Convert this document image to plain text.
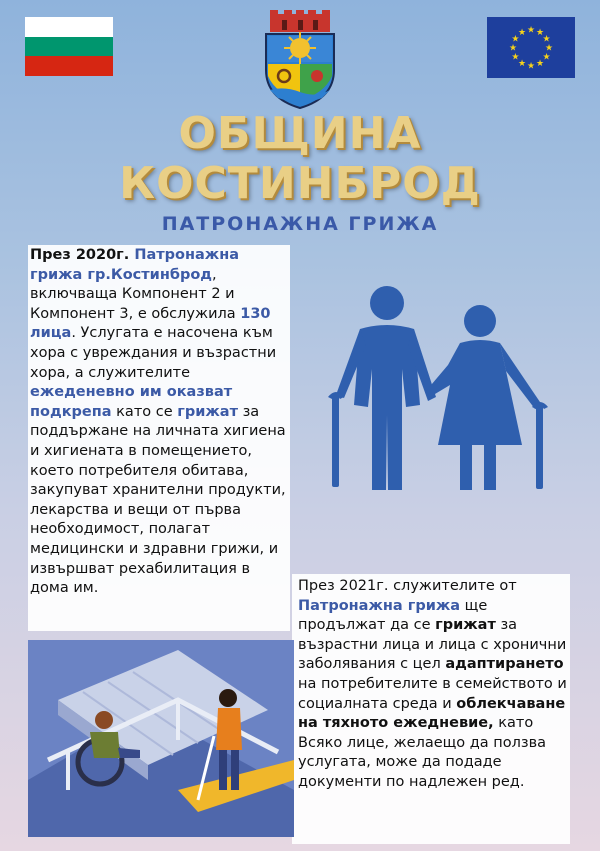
★ ★
★
★
★
★
★
★
★
★
★
★
ОБЩИНА
КОСТИНБРОД
ПАТРОНАЖНА ГРИЖА
През 2020г. Патронажна грижа гр.Костинброд, включваща Компонент 2 и Компонент 3, е обслужила 130 лица. Услугата е насочена към хора с увреждания и възрастни хора, а служителите ежеденевно им оказват подкрепа като се грижат за поддържане на личната хигиена и хигиената в помещението, което потребителя обитава, закупуват хранителни продукти, лекарства и вещи от първа необходимост, полагат медицински и здравни грижи, и извършват рехабилитация в дома им.	През 2021г. служителите от Патронажна грижа ще продължат да се грижат за възрастни лица и лица с хронични заболявания с цел адаптирането на потребителите в семейството и социалната среда и облекчаване на тяхното ежедневие, като Всяко лице, желаещо да ползва услугата, може да подаде документи по надлежен ред.
